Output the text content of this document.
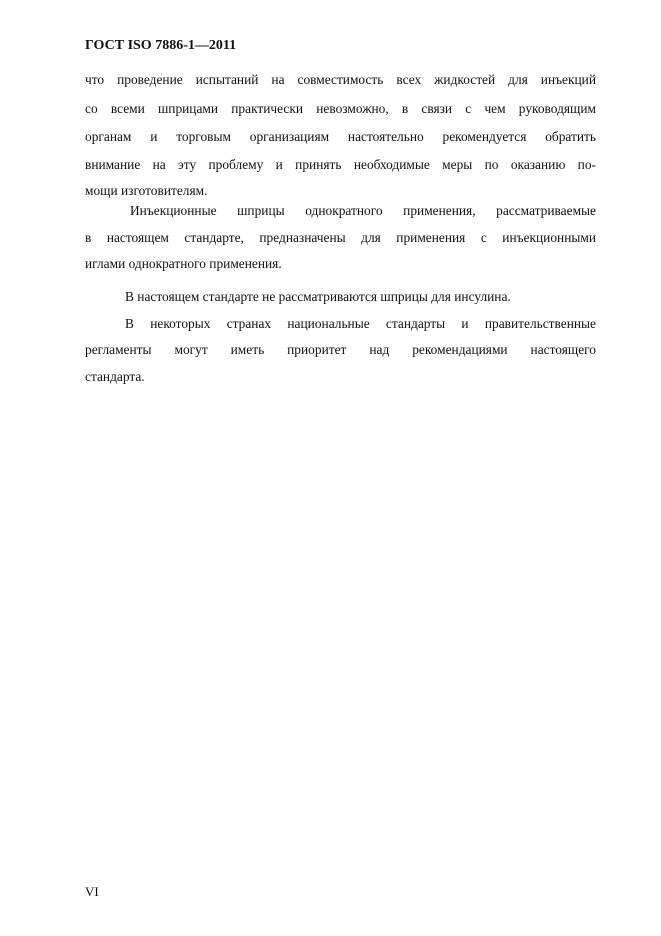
ГОСТ ISO 7886-1—2011
что проведение испытаний на совместимость всех жидкостей для инъекций
со всеми шприцами практически невозможно, в связи с чем руководящим
органам и торговым организациям настоятельно рекомендуется обратить
внимание на эту проблему и принять необходимые меры по оказанию по-
мощи изготовителям.
Инъекционные шприцы однократного применения, рассматриваемые
в настоящем стандарте, предназначены для применения с инъекционными
иглами однократного применения.
В настоящем стандарте не рассматриваются шприцы для инсулина.
В некоторых странах национальные стандарты и правительственные
регламенты могут иметь приоритет над рекомендациями настоящего
стандарта.
VI
